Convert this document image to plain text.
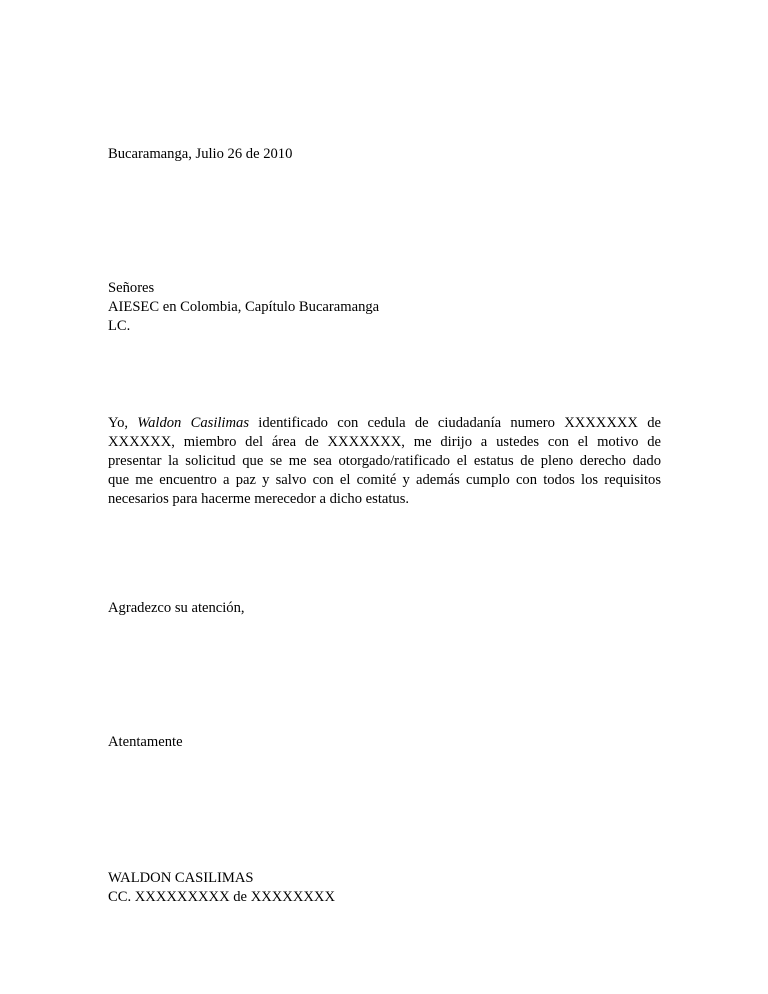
Bucaramanga, Julio 26 de 2010
Señores
AIESEC en Colombia, Capítulo Bucaramanga
LC.
Yo, Waldon Casilimas identificado con cedula de ciudadanía numero XXXXXXX de
XXXXXX, miembro del área de XXXXXXX, me dirijo a ustedes con el motivo de
presentar la solicitud que se me sea otorgado/ratificado el estatus de pleno derecho dado
que me encuentro a paz y salvo con el comité y además cumplo con todos los requisitos
necesarios para hacerme merecedor a dicho estatus.
Agradezco su atención,
Atentamente
WALDON CASILIMAS
CC. XXXXXXXXX de XXXXXXXX
